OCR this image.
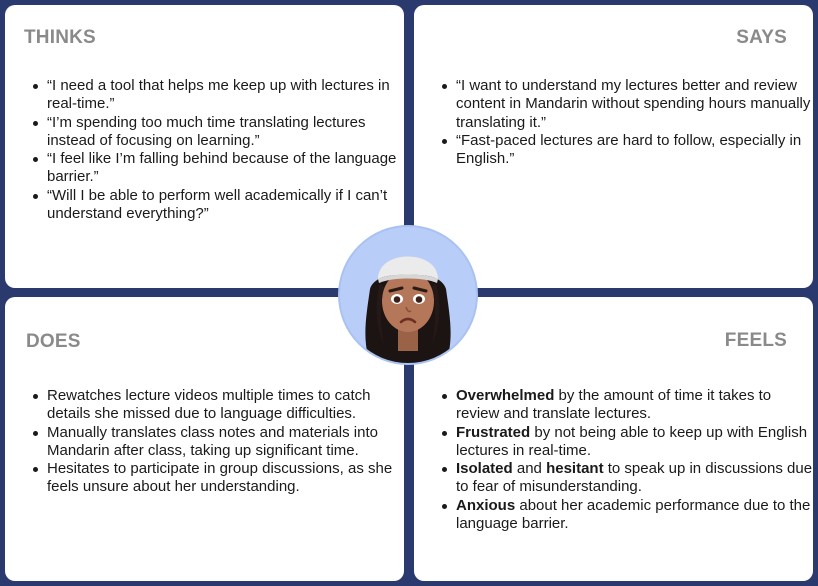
THINKS
“I need a tool that helps me keep up with lectures in real-time.”
“I’m spending too much time translating lectures instead of focusing on learning.”
“I feel like I’m falling behind because of the language barrier.”
“Will I be able to perform well academically if I can’t understand everything?”
SAYS
“I want to understand my lectures better and review content in Mandarin without spending hours manually translating it.”
“Fast-paced lectures are hard to follow, especially in English.”
DOES
Rewatches lecture videos multiple times to catch details she missed due to language difficulties.
Manually translates class notes and materials into Mandarin after class, taking up significant time.
Hesitates to participate in group discussions, as she feels unsure about her understanding.
FEELS
Overwhelmed by the amount of time it takes to review and translate lectures.
Frustrated by not being able to keep up with English lectures in real-time.
Isolated and hesitant to speak up in discussions due to fear of misunderstanding.
Anxious about her academic performance due to the language barrier.
